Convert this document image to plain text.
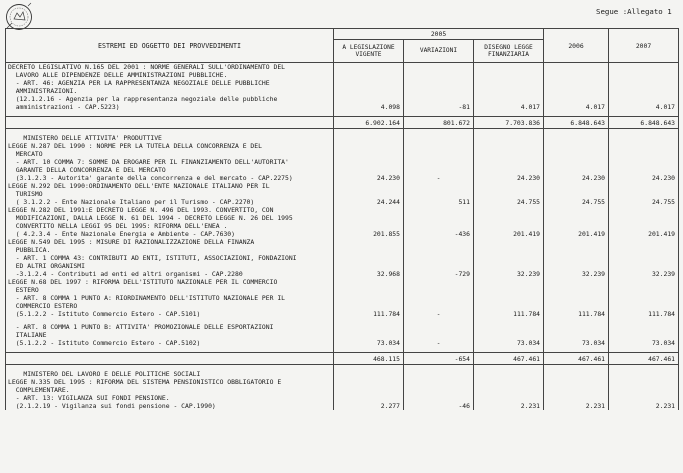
Segue :Allegato 1
ESTREMI ED OGGETTO DEI PROVVEDIMENTI	2005			2006	2007
	A LEGISLAZIONE VIGENTE	VARIAZIONI	DISEGNO LEGGE FINANZIARIA		
DECRETO LEGISLATIVO N.165 DEL 2001 : NORME GENERALI SULL'ORDINAMENTO DEL
LAVORO ALLE DIPENDENZE DELLE AMMINISTRAZIONI PUBBLICHE.					
- ART. 46: AGENZIA PER LA RAPPRESENTANZA NEGOZIALE DELLE PUBBLICHE
AMMINISTRAZIONI.					
(12.1.2.16 - Agenzia per la rappresentanza negoziale delle pubbliche
amministrazioni - CAP.5223)	4.098	-81	4.017	4.017	4.017

	6.902.164	801.672	7.703.836	6.848.643	6.848.643

MINISTERO DELLE ATTIVITA' PRODUTTIVE					
LEGGE N.287 DEL 1990 : NORME PER LA TUTELA DELLA CONCORRENZA E DEL
MERCATO					
- ART. 10 COMMA 7: SOMME DA EROGARE PER IL FINANZIAMENTO DELL'AUTORITA'
GARANTE DELLA CONCORRENZA E DEL MERCATO					
(3.1.2.3 - Autorita' garante della concorrenza e del mercato - CAP.2275)	24.230	-	24.230	24.230	24.230
LEGGE N.292 DEL 1990:ORDINAMENTO DELL'ENTE NAZIONALE ITALIANO PER IL
TURISMO					
( 3.1.2.2 - Ente Nazionale Italiano per il Turismo - CAP.2270)	24.244	511	24.755	24.755	24.755
LEGGE N.282 DEL 1991:E DECRETO LEGGE N. 496 DEL 1993. CONVERTITO, CON
MODIFICAZIONI, DALLA LEGGE N. 61 DEL 1994 - DECRETO LEGGE N. 26 DEL 1995
CONVERTITO NELLA LEGGI 95 DEL 1995: RIFORMA DELL'ENEA .					
( 4.2.3.4 - Ente Nazionale Energia e Ambiente - CAP.7630)	201.855	-436	201.419	201.419	201.419
LEGGE N.549 DEL 1995 : MISURE DI RAZIONALIZZAZIONE DELLA FINANZA
PUBBLICA.					
- ART. 1 COMMA 43: CONTRIBUTI AD ENTI, ISTITUTI, ASSOCIAZIONI, FONDAZIONI
ED ALTRI ORGANISMI					
-3.1.2.4 - Contributi ad enti ed altri organismi - CAP.2280	32.968	-729	32.239	32.239	32.239
LEGGE N.68 DEL 1997 : RIFORMA DELL'ISTITUTO NAZIONALE PER IL COMMERCIO
ESTERO					
- ART. 8 COMMA 1 PUNTO A: RIORDINAMENTO DELL'ISTITUTO NAZIONALE PER IL
COMMERCIO ESTERO					
(5.1.2.2 - Istituto Commercio Estero - CAP.5101)	111.784	-	111.784	111.784	111.784

- ART. 8 COMMA 1 PUNTO B: ATTIVITA' PROMOZIONALE DELLE ESPORTAZIONI
ITALIANE					
(5.1.2.2 - Istituto Commercio Estero - CAP.5102)	73.034	-	73.034	73.034	73.034

	468.115	-654	467.461	467.461	467.461

MINISTERO DEL LAVORO E DELLE POLITICHE SOCIALI					
LEGGE N.335 DEL 1995 : RIFORMA DEL SISTEMA PENSIONISTICO OBBLIGATORIO E
COMPLEMENTARE.					
- ART. 13: VIGILANZA SUI FONDI PENSIONE.					
(2.1.2.19 - Vigilanza sui fondi pensione - CAP.1990)	2.277	-46	2.231	2.231	2.231
